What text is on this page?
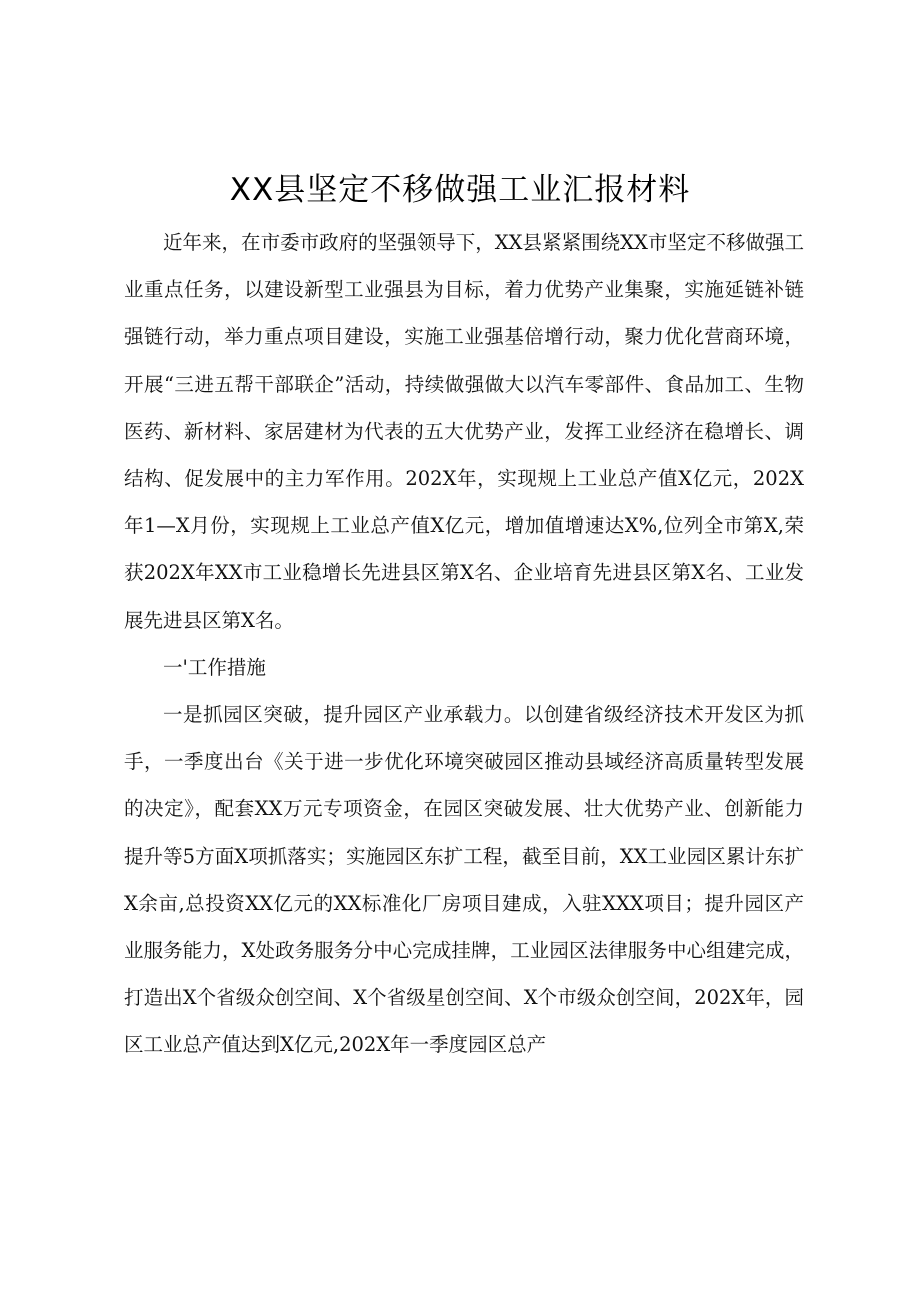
XX县坚定不移做强工业汇报材料

近年来，在市委市政府的坚强领导下，XX县紧紧围绕XX市坚定不移做强工业重点任务，以建设新型工业强县为目标，着力优势产业集聚，实施延链补链强链行动，举力重点项目建设，实施工业强基倍增行动，聚力优化营商环境，开展“三进五帮干部联企”活动，持续做强做大以汽车零部件、食品加工、生物医药、新材料、家居建材为代表的五大优势产业，发挥工业经济在稳增长、调结构、促发展中的主力军作用。202X年，实现规上工业总产值X亿元，202X年1—X月份，实现规上工业总产值X亿元，增加值增速达X%,位列全市第X,荣获202X年XX市工业稳增长先进县区第X名、企业培育先进县区第X名、工业发展先进县区第X名。

一'工作措施

一是抓园区突破，提升园区产业承载力。以创建省级经济技术开发区为抓手，一季度出台《关于进一步优化环境突破园区推动县域经济高质量转型发展的决定》，配套XX万元专项资金，在园区突破发展、壮大优势产业、创新能力提升等5方面X项抓落实；实施园区东扩工程，截至目前，XX工业园区累计东扩X余亩,总投资XX亿元的XX标准化厂房项目建成，入驻XXX项目；提升园区产业服务能力，X处政务服务分中心完成挂牌，工业园区法律服务中心组建完成，打造出X个省级众创空间、X个省级星创空间、X个市级众创空间，202X年，园区工业总产值达到X亿元,202X年一季度园区总产
